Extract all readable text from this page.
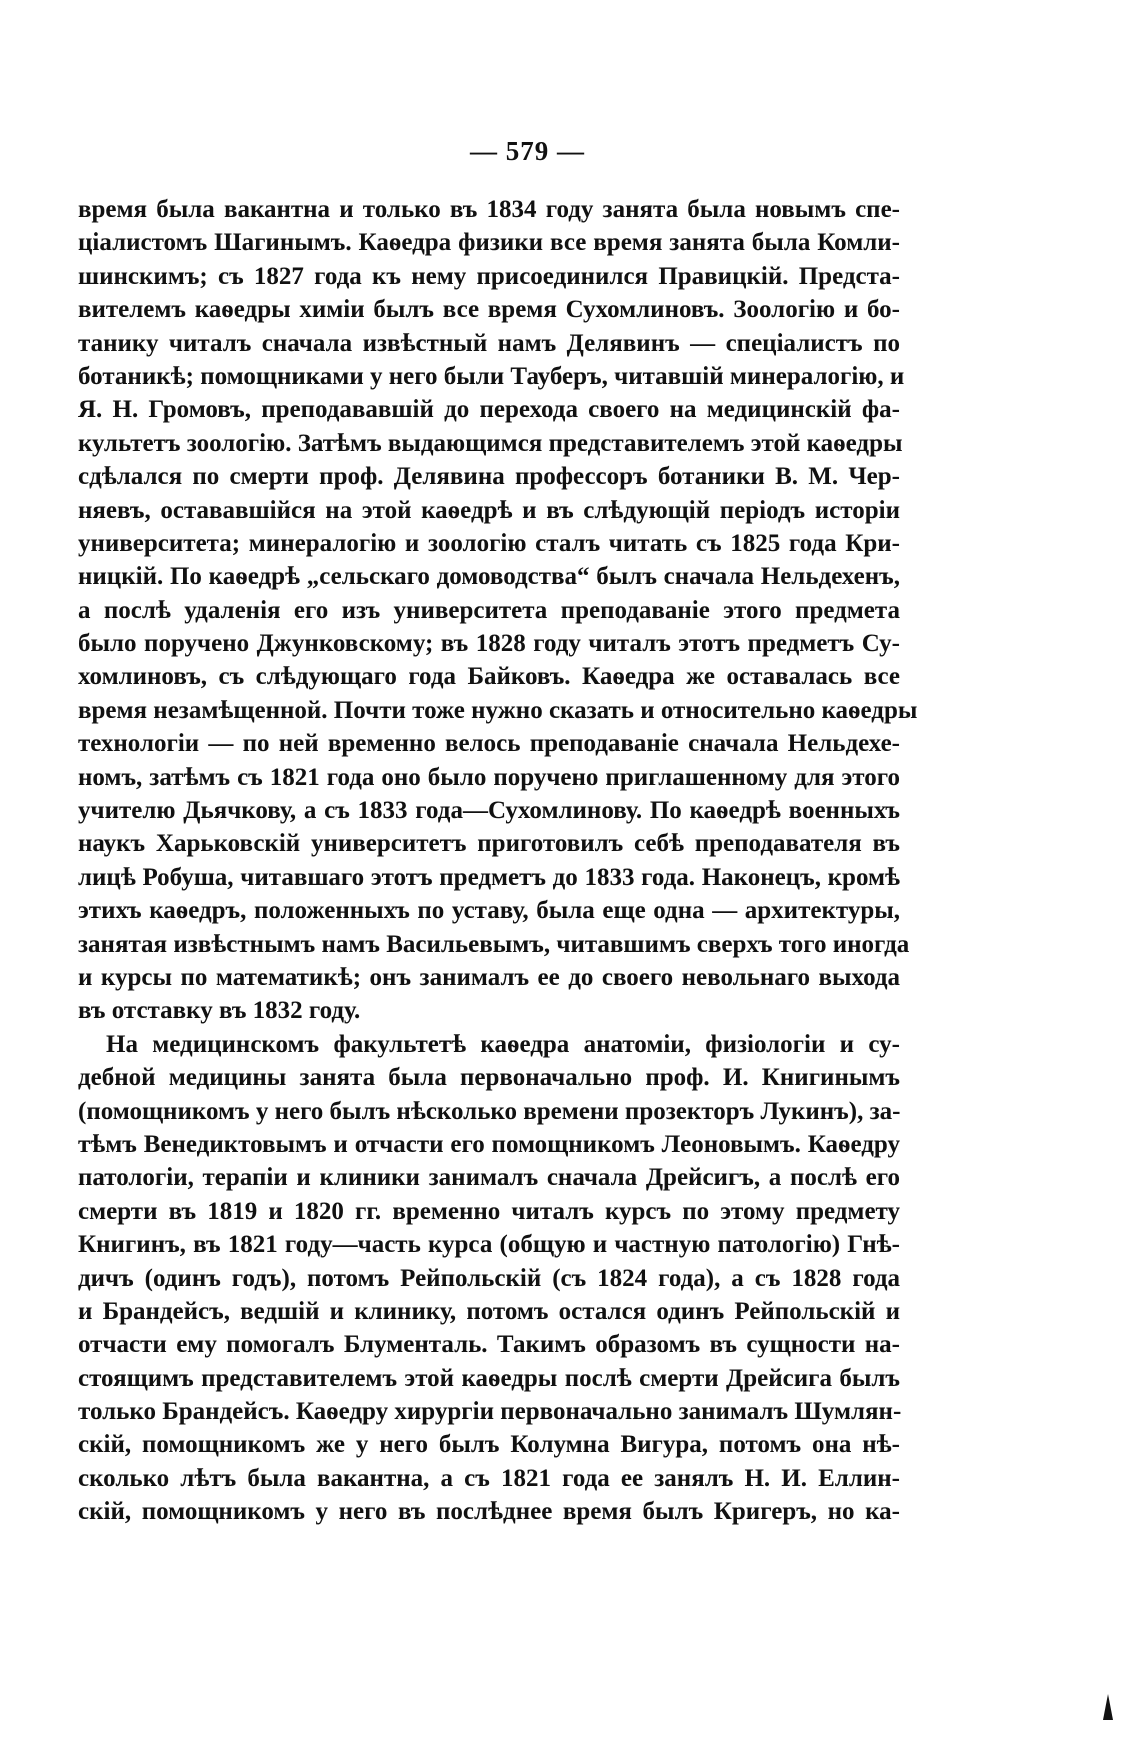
— 579 —
время была вакантна и только въ 1834 году занята была новымъ спе-
ціалистомъ Шагинымъ. Каѳедра физики все время занята была Комли-
шинскимъ; съ 1827 года къ нему присоединился Правицкій. Предста-
вителемъ каѳедры химіи былъ все время Сухомлиновъ. Зоологію и бо-
танику читалъ сначала извѣстный намъ Делявинъ — спеціалистъ по
ботаникѣ; помощниками у него были Тауберъ, читавшій минералогію, и
Я. Н. Громовъ, преподававшій до перехода своего на медицинскій фа-
культетъ зоологію. Затѣмъ выдающимся представителемъ этой каѳедры
сдѣлался по смерти проф. Делявина профессоръ ботаники В. М. Чер-
няевъ, остававшійся на этой каѳедрѣ и въ слѣдующій періодъ исторіи
университета; минералогію и зоологію сталъ читать съ 1825 года Кри-
ницкій. По каѳедрѣ „сельскаго домоводства“ былъ сначала Нельдехенъ,
а послѣ удаленія его изъ университета преподаваніе этого предмета
было поручено Джунковскому; въ 1828 году читалъ этотъ предметъ Су-
хомлиновъ, съ слѣдующаго года Байковъ. Каѳедра же оставалась все
время незамѣщенной. Почти тоже нужно сказать и относительно каѳедры
технологіи — по ней временно велось преподаваніе сначала Нельдехе-
номъ, затѣмъ съ 1821 года оно было поручено приглашенному для этого
учителю Дьячкову, а съ 1833 года—Сухомлинову. По каѳедрѣ военныхъ
наукъ Харьковскій университетъ приготовилъ себѣ преподавателя въ
лицѣ Робуша, читавшаго этотъ предметъ до 1833 года. Наконецъ, кромѣ
этихъ каѳедръ, положенныхъ по уставу, была еще одна — архитектуры,
занятая извѣстнымъ намъ Васильевымъ, читавшимъ сверхъ того иногда
и курсы по математикѣ; онъ занималъ ее до своего невольнаго выхода
въ отставку въ 1832 году.
На медицинскомъ факультетѣ каѳедра анатоміи, физіологіи и су-
дебной медицины занята была первоначально проф. И. Книгинымъ
(помощникомъ у него былъ нѣсколько времени прозекторъ Лукинъ), за-
тѣмъ Венедиктовымъ и отчасти его помощникомъ Леоновымъ. Каѳедру
патологіи, терапіи и клиники занималъ сначала Дрейсигъ, а послѣ его
смерти въ 1819 и 1820 гг. временно читалъ курсъ по этому предмету
Книгинъ, въ 1821 году—часть курса (общую и частную патологію) Гнѣ-
дичъ (одинъ годъ), потомъ Рейпольскій (съ 1824 года), а съ 1828 года
и Брандейсъ, ведшій и клинику, потомъ остался одинъ Рейпольскій и
отчасти ему помогалъ Блументаль. Такимъ образомъ въ сущности на-
стоящимъ представителемъ этой каѳедры послѣ смерти Дрейсига былъ
только Брандейсъ. Каѳедру хирургіи первоначально занималъ Шумлян-
скій, помощникомъ же у него былъ Колумна Вигура, потомъ она нѣ-
сколько лѣтъ была вакантна, а съ 1821 года ее занялъ Н. И. Еллин-
скій, помощникомъ у него въ послѣднее время былъ Кригеръ, но ка-
